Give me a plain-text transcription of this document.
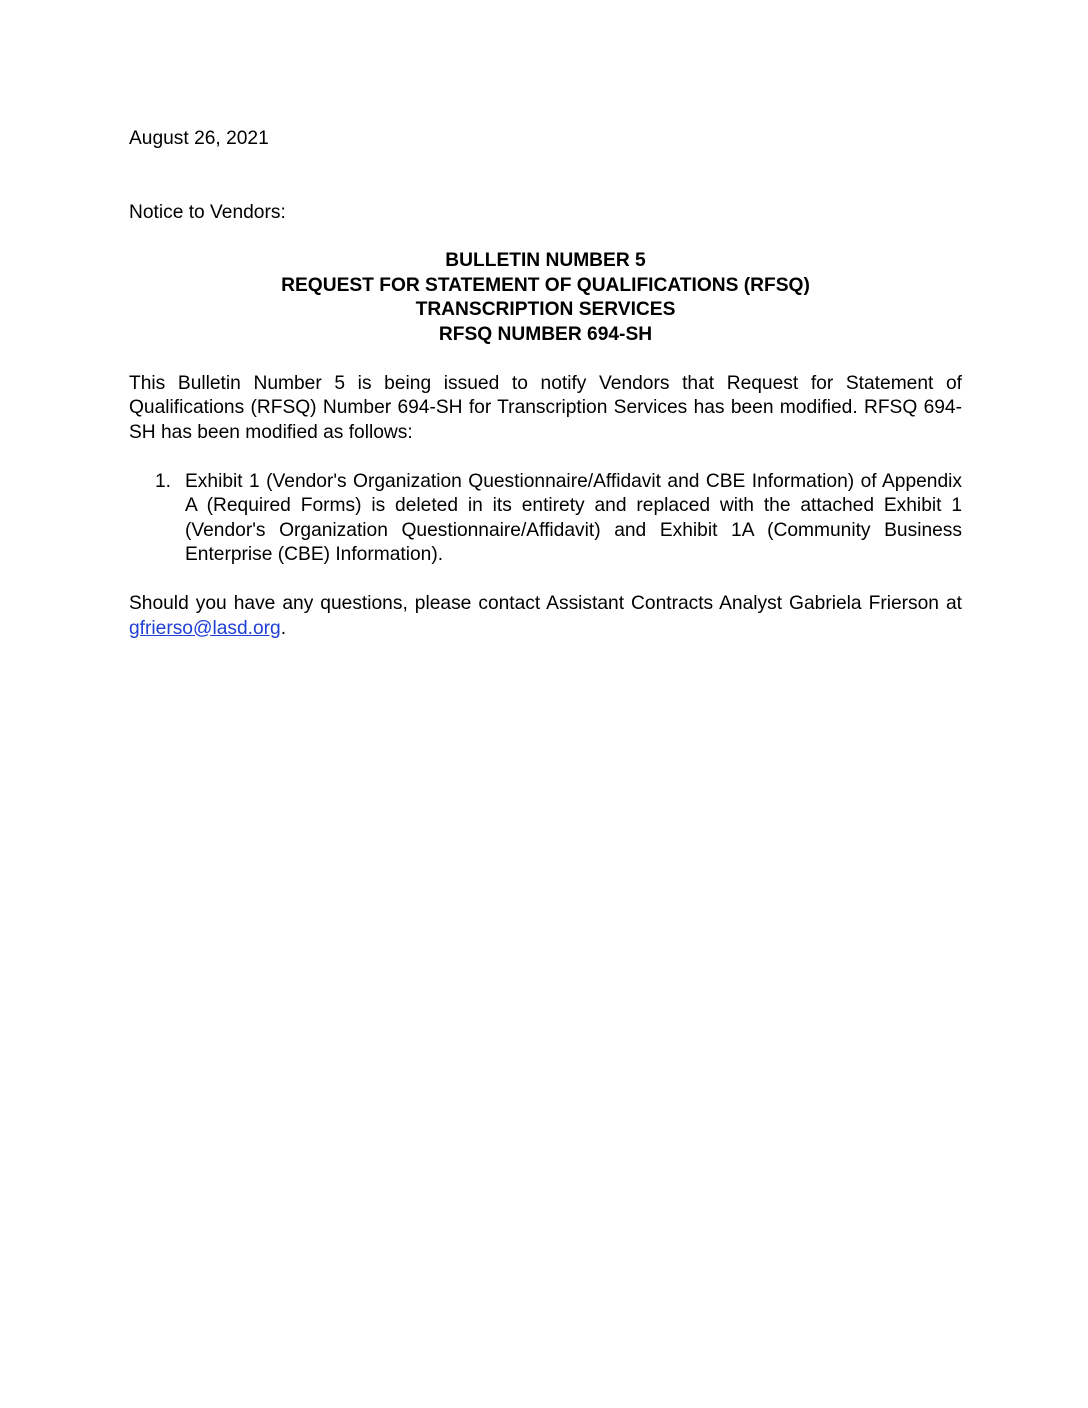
August 26, 2021

Notice to Vendors:

BULLETIN NUMBER 5
REQUEST FOR STATEMENT OF QUALIFICATIONS (RFSQ)
TRANSCRIPTION SERVICES
RFSQ NUMBER 694-SH

This Bulletin Number 5 is being issued to notify Vendors that Request for Statement of Qualifications (RFSQ) Number 694-SH for Transcription Services has been modified. RFSQ 694-SH has been modified as follows:

1. Exhibit 1 (Vendor's Organization Questionnaire/Affidavit and CBE Information) of Appendix A (Required Forms) is deleted in its entirety and replaced with the attached Exhibit 1 (Vendor's Organization Questionnaire/Affidavit) and Exhibit 1A (Community Business Enterprise (CBE) Information).

Should you have any questions, please contact Assistant Contracts Analyst Gabriela Frierson at gfrierso@lasd.org.
